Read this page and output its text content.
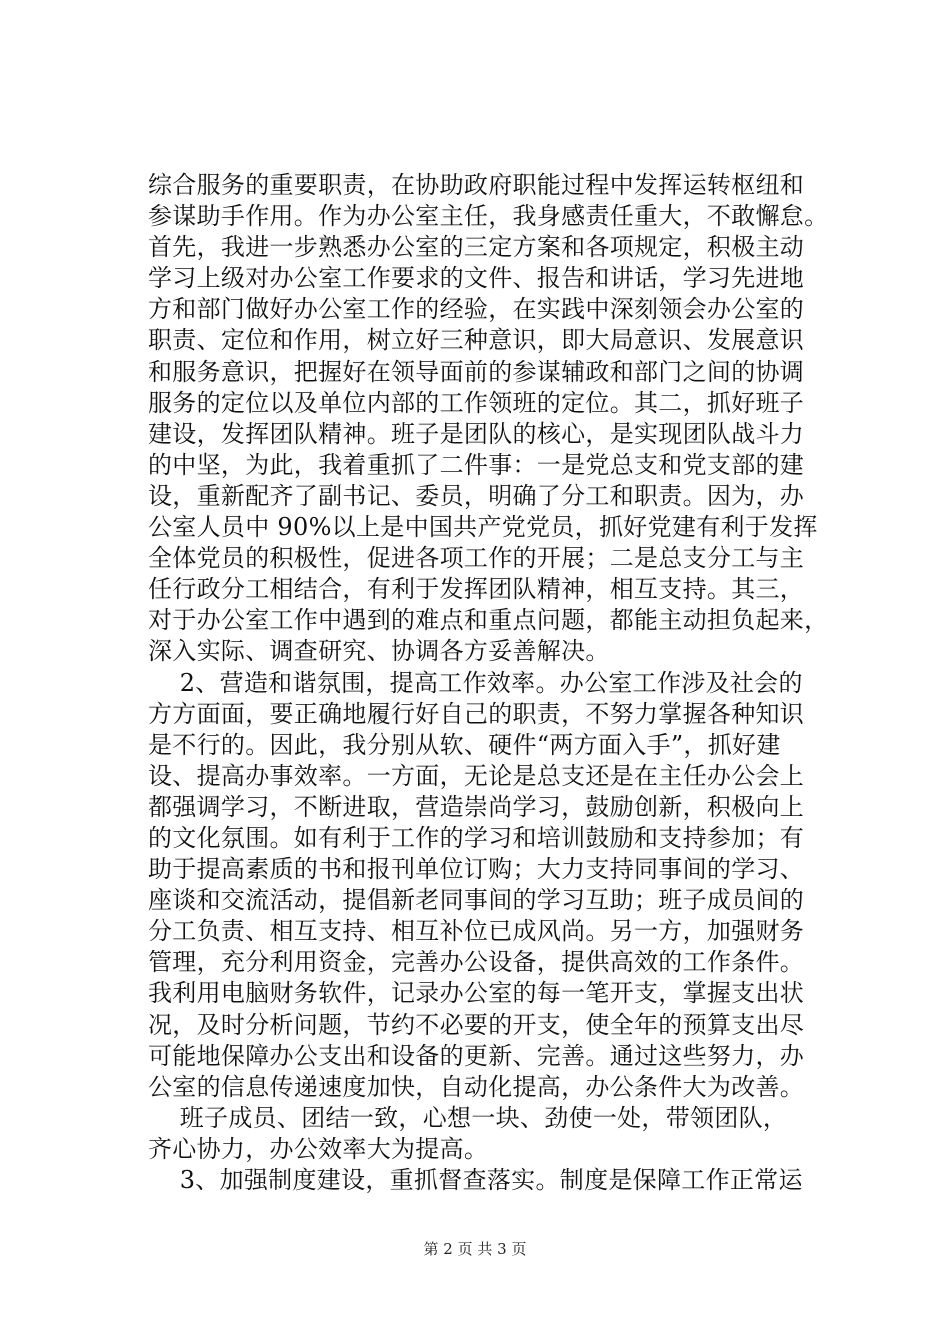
综合服务的重要职责，在协助政府职能过程中发挥运转枢纽和
参谋助手作用。作为办公室主任，我身感责任重大，不敢懈怠。
首先，我进一步熟悉办公室的三定方案和各项规定，积极主动
学习上级对办公室工作要求的文件、报告和讲话，学习先进地
方和部门做好办公室工作的经验，在实践中深刻领会办公室的
职责、定位和作用，树立好三种意识，即大局意识、发展意识
和服务意识，把握好在领导面前的参谋辅政和部门之间的协调
服务的定位以及单位内部的工作领班的定位。其二，抓好班子
建设，发挥团队精神。班子是团队的核心，是实现团队战斗力
的中坚，为此，我着重抓了二件事：一是党总支和党支部的建
设，重新配齐了副书记、委员，明确了分工和职责。因为，办
公室人员中 90%以上是中国共产党党员，抓好党建有利于发挥
全体党员的积极性，促进各项工作的开展；二是总支分工与主
任行政分工相结合，有利于发挥团队精神，相互支持。其三，
对于办公室工作中遇到的难点和重点问题，都能主动担负起来，
深入实际、调查研究、协调各方妥善解决。
2、营造和谐氛围，提高工作效率。办公室工作涉及社会的
方方面面，要正确地履行好自己的职责，不努力掌握各种知识
是不行的。因此，我分别从软、硬件“两方面入手”，抓好建
设、提高办事效率。一方面，无论是总支还是在主任办公会上
都强调学习，不断进取，营造崇尚学习，鼓励创新，积极向上
的文化氛围。如有利于工作的学习和培训鼓励和支持参加；有
助于提高素质的书和报刊单位订购；大力支持同事间的学习、
座谈和交流活动，提倡新老同事间的学习互助；班子成员间的
分工负责、相互支持、相互补位已成风尚。另一方，加强财务
管理，充分利用资金，完善办公设备，提供高效的工作条件。
我利用电脑财务软件，记录办公室的每一笔开支，掌握支出状
况，及时分析问题，节约不必要的开支，使全年的预算支出尽
可能地保障办公支出和设备的更新、完善。通过这些努力，办
公室的信息传递速度加快，自动化提高，办公条件大为改善。
班子成员、团结一致，心想一块、劲使一处，带领团队，
齐心协力，办公效率大为提高。
3、加强制度建设，重抓督查落实。制度是保障工作正常运
第 2 页 共 3 页
